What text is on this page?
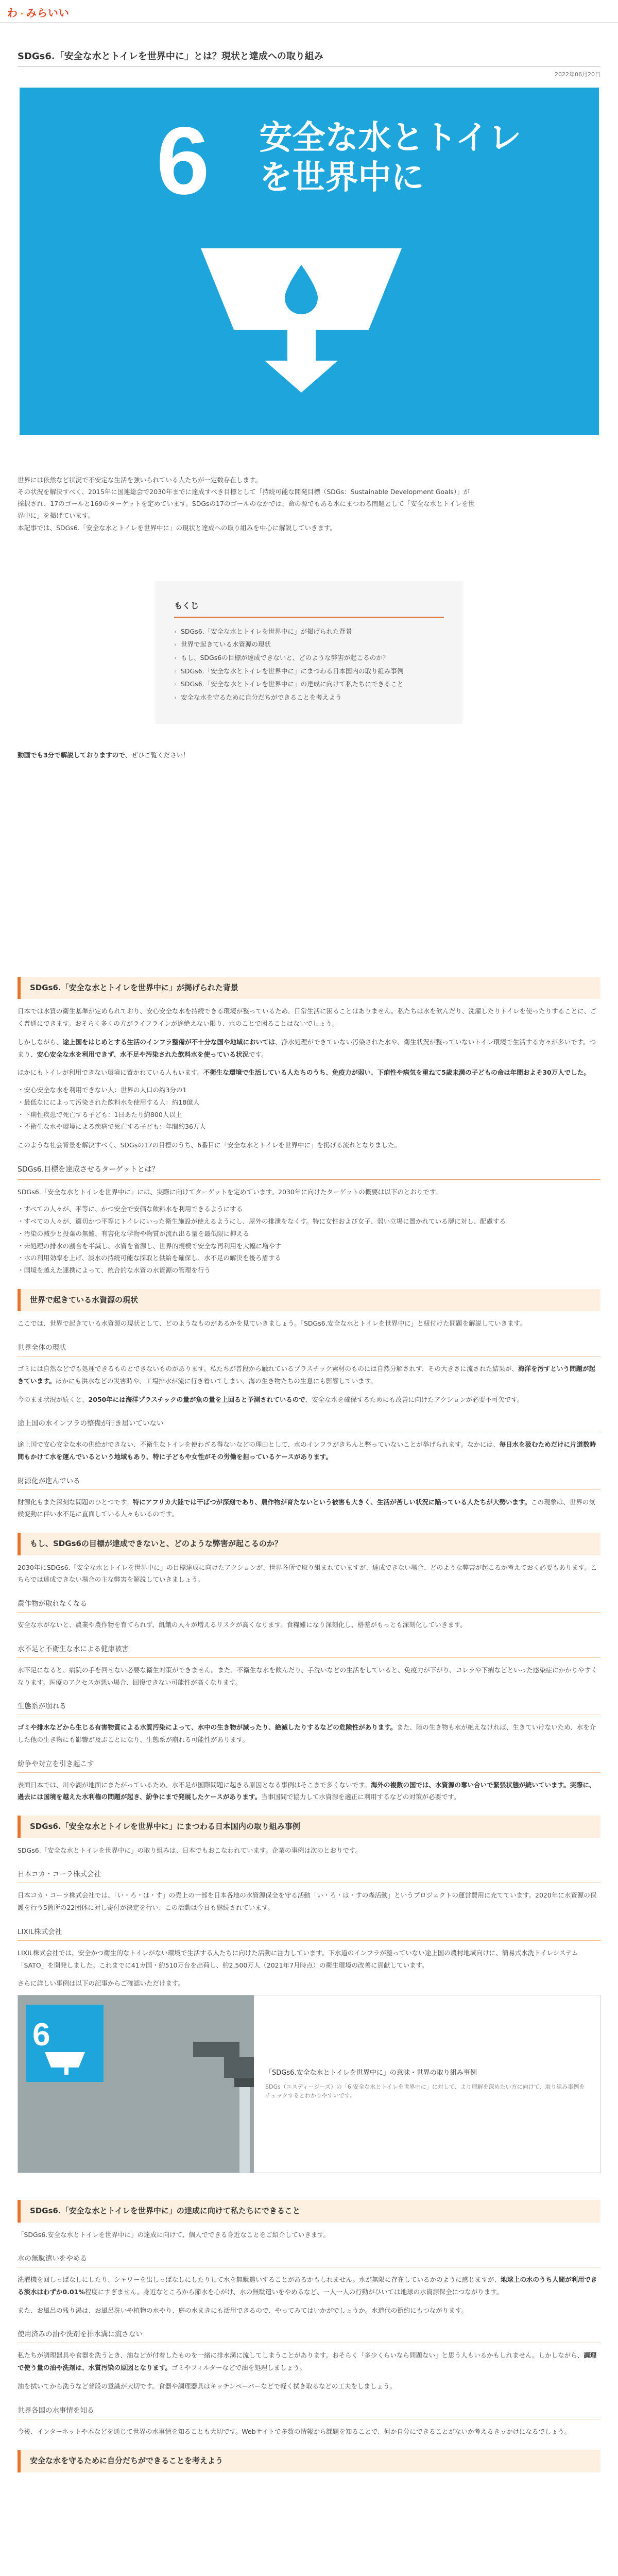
わ・みらいい
SDGs6.「安全な水とトイレを世界中に」とは？現状と達成への取り組み
2022年06月20日
6 安全な水とトイレ
を世界中に
世界には依然など状況で不安定な生活を強いられている人たちが一定数存在します。
その状況を解決すべく、2015年に国連総会で2030年までに達成すべき目標として「持続可能な開発目標（SDGs：Sustainable Development Goals）」が
採択され、17のゴールと169のターゲットを定めています。SDGsの17のゴールのなかでは、命の源でもある水にまつわる問題として「安全な水とトイレを世
界中に」を掲げています。
本記事では、SDGs6.「安全な水とトイレを世界中に」の現状と達成への取り組みを中心に解説していきます。
もくじ
› SDGs6.「安全な水とトイレを世界中に」が掲げられた背景
› 世界で起きている水資源の現状
› もし、SDGs6の目標が達成できないと、どのような弊害が起こるのか？
› SDGs6.「安全な水とトイレを世界中に」にまつわる日本国内の取り組み事例
› SDGs6.「安全な水とトイレを世界中に」の達成に向けて私たちにできること
› 安全な水を守るために自分だちができることを考えよう
動画でも3分で解説しておりますので、ぜひご覧ください！
SDGs6.「安全な水とトイレを世界中に」が掲げられた背景
日本では水質の衛生基準が定められており、安心安全な水を持続できる環境が整っているため、日常生活に困ることはありません。私たちは水を飲んだり、洗濯したりトイレを使ったりすることに、ごく普通にできます。おそらく多くの方がライフラインが途絶えない限り、水のことで困ることはないでしょう。
しかしながら、途上国をはじめとする生活のインフラ整備が不十分な国や地域においては、浄水処理ができていない汚染された水や、衛生状況が整っていないトイレ環境で生活する方々が多いです。つまり、安心安全な水を利用できず、水不足や汚染された飲料水を使っている状況です。
ほかにもトイレが利用できない環境に置かれている人もいます。不衛生な環境で生活している人たちのうち、免疫力が弱い、下痢性や病気を重ねて5歳未満の子どもの命は年間およそ30万人でした。
・安心安全な水を利用できない人：世界の人口の約3分の1
・最低なにによって汚染された飲料水を使用する人：約18億人
・下痢性疾患で死亡する子ども：1日あたり約800人以上
・不衛生な水や環境による疾病で死亡する子ども：年間約36万人
このような社会背景を解決すべく、SDGsの17の目標のうち、6番目に「安全な水とトイレを世界中に」を掲げる流れとなりました。
SDGs6.目標を達成させるターゲットとは？
SDGs6.「安全な水とトイレを世界中に」には、実際に向けてターゲットを定めています。2030年に向けたターゲットの概要は以下のとおりです。
・すべての人々が、平等に、かつ安全で安価な飲料水を利用できるようにする
・すべての人々が、適切かつ平等にトイレにいった衛生施設が使えるようにし、屋外の排泄をなくす。特に女性および女子、弱い立場に置かれている層に対し、配慮する
・汚染の減少と投棄の無難、有害化な学物や物質が流れ出る量を最低限に抑える
・未処理の排水の割合を半減し、水資を省源し、世界的規模で安全な再利用を大幅に増やす
・水の利用効率を上げ、淡水の持続可能な採取と供給を確保し、水不足の解決を後ろ盾する
・国境を越えた連携によって、統合的な水資の水資源の管理を行う
世界で起きている水資源の現状
ここでは、世界で起きている水資源の現状として、どのようなものがあるかを見ていきましょう。「SDGs6.安全な水とトイレを世界中に」と紐付けた問題を解説していきます。
世界全体の現状
ゴミには自然などでも処理できるものとできないものがあります。私たちが普段から触れているプラスチック素材のものには自然分解されず、その大きさに流された結果が、海洋を汚すという問題が起きています。ほかにも洪水などの災害時や、工場排水が流に行き着いてしまい、海の生き物たちの生息にも影響しています。
今のまま状況が続くと、2050年には海洋プラスチックの量が魚の量を上回ると予測されているので、安全な水を確保するためにも改善に向けたアクションが必要不可欠です。
途上国の水インフラの整備が行き届いていない
途上国で安心安全な水の供給ができない、不衛生なトイレを使わざる得ないなどの理由として、水のインフラがきちんと整っていないことが挙げられます。なかには、毎日水を汲むためだけに片道数時間もかけて水を運んでいるという地域もあり、特に子どもや女性がその労働を担っているケースがあります。
財源化が進んでいる
財源化もまた深刻な問題のひとつです。特にアフリカ大陸では干ばつが深刻であり、農作物が育たないという被害も大きく、生活が苦しい状況に陥っている人たちが大勢います。この現象は、世界の気候変動に伴い水不足に直面している人々もいるのです。
もし、SDGs6の目標が達成できないと、どのような弊害が起こるのか？
2030年にSDGs6.「安全な水とトイレを世界中に」の目標達成に向けたアクションが、世界各所で取り組まれていますが、達成できない場合、どのような弊害が起こるか考えておく必要もあります。こちらでは達成できない場合の主な弊害を解説していきましょう。
農作物が取れなくなる
安全な水がないと、農業や農作物を育てられず、飢餓の人々が増えるリスクが高くなります。食糧難になり深刻化し、格差がもっとも深刻化していきます。
水不足と不衛生な水による健康被害
水不足になると、病院の手を回せない必要な衛生対策ができません。また、不衛生な水を飲んだり、手洗いなどの生活をしていると、免疫力が下がり、コレラや下痢などといった感染症にかかりやすくなります。医療のアクセスが悪い場合、回復できない可能性が高くなります。
生態系が崩れる
ゴミや排水などから生じる有害物質による水質汚染によって、水中の生き物が減ったり、絶滅したりするなどの危険性があります。また、陸の生き物も水が絶えなければ、生きていけないため、水を介した他の生き物にも影響が及ぶことになり、生態系が崩れる可能性があります。
紛争や対立を引き起こす
表面日本では、川や湖が地面にまたがっているため、水不足が国際問題に起きる原因となる事例はそこまで多くないです。海外の複数の国では、水資源の奪い合いで緊張状態が続いています。実際に、過去には国境を越えた水利権の問題が起き、紛争にまで発展したケースがあります。当事国間で協力して水資源を適正に利用するなどの対策が必要です。
SDGs6.「安全な水とトイレを世界中に」にまつわる日本国内の取り組み事例
SDGs6.「安全な水とトイレを世界中に」の取り組みは、日本でもおこなわれています。企業の事例は次のとおりです。
日本コカ・コーラ株式会社
日本コカ・コーラ株式会社では、「い・ろ・は・す」の売上の一部を日本各地の水資源保全を守る活動「い・ろ・は・すの森活動」というプロジェクトの運営費用に充てています。2020年に水資源の保護を行う5箇所の22団体に対し寄付が決定を行い、この活動は今日も継続されています。
LIXIL株式会社
LIXIL株式会社では、安全かつ衛生的なトイレがない環境で生活する人たちに向けた活動に注力しています。下水道のインフラが整っていない途上国の農村地域向けに、簡易式水洗トイレシステム「SATO」を開発しました。これまでに41カ国・約510万台を出荷し、約2,500万人（2021年7月時点）の衛生環境の改善に貢献しています。
さらに詳しい事例は以下の記事からご確認いただけます。
6
「SDGs6.安全な水とトイレを世界中に」の意味・世界の取り組み事例
SDGs（エスディージーズ）の「6.安全な水とトイレを世界中に」に対して、より理解を深めたい方に向けて、取り組み事例をチェックするとわかりやすいです。
SDGs6.「安全な水とトイレを世界中に」の達成に向けて私たちにできること
「SDGs6.安全な水とトイレを世界中に」の達成に向けて、個人でできる身近なことをご紹介していきます。
水の無駄遣いをやめる
洗濯機を回しっぱなしにしたり、シャワーを出しっぱなしにしたりして水を無駄遣いすることがあるかもしれません。水が無限に存在しているかのように感じますが、地球上の水のうち人間が利用できる淡水はわずか0.01%程度にすぎません。身近なところから節水を心がけ、水の無駄遣いをやめるなど、一人一人の行動がひいては地球の水資源保全につながります。
また、お風呂の残り湯は、お風呂洗いや植物の水やり、庭の水まきにも活用できるので、やってみてはいかがでしょうか。水道代の節約にもつながります。
使用済みの油や洗剤を排水溝に流さない
私たちが調理器具や食器を洗うとき、油などが付着したものを一緒に排水溝に流してしまうことがあります。おそらく「多少くらいなら問題ない」と思う人もいるかもしれません。しかしながら、調理で使う量の油や洗剤は、水質汚染の原因となります。ゴミやフィルターなどで油を処理しましょう。
油を拭いてから洗うなど普段の意識が大切です。食器や調理器具はキッチンペーパーなどで軽く拭き取るなどの工夫をしましょう。
世界各国の水事情を知る
今後、インターネットや本などを通じて世界の水事情を知ることも大切です。Webサイトで多数の情報から課題を知ることで、何か自分にできることがないか考えるきっかけになるでしょう。
安全な水を守るために自分だちができることを考えよう
